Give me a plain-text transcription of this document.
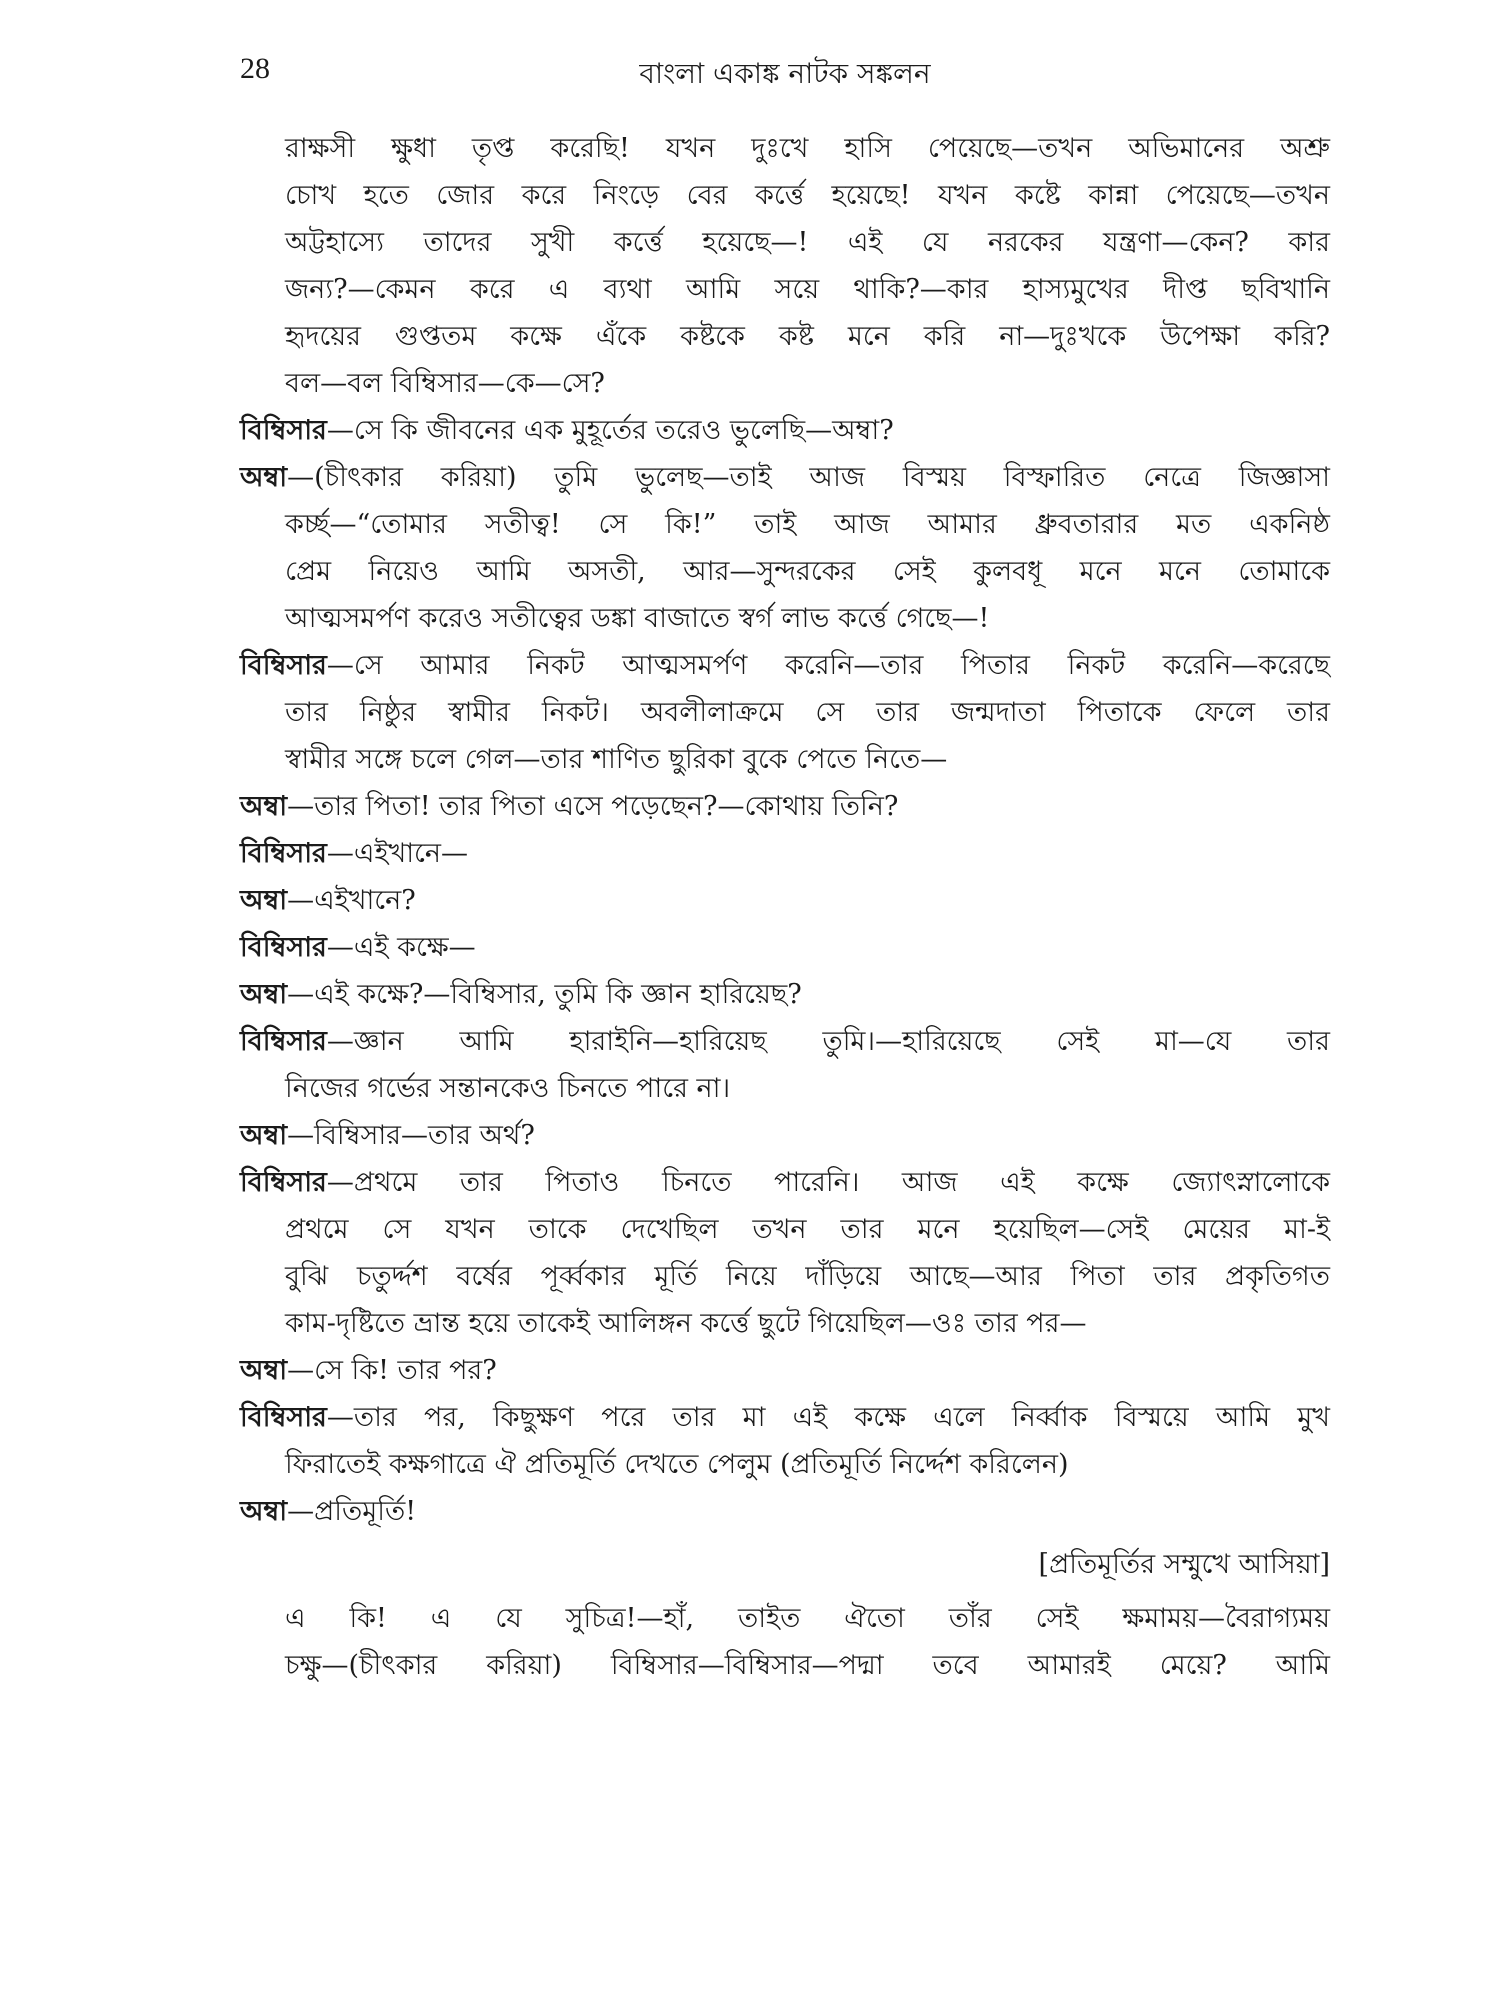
28	বাংলা একাঙ্ক নাটক সঙ্কলন
রাক্ষসী ক্ষুধা তৃপ্ত করেছি! যখন দুঃখে হাসি পেয়েছে—তখন অভিমানের অশ্রু
চোখ হতে জোর করে নিংড়ে বের কর্ত্তে হয়েছে! যখন কষ্টে কান্না পেয়েছে—তখন
অট্টহাস্যে তাদের সুখী কর্ত্তে হয়েছে—! এই যে নরকের যন্ত্রণা—কেন? কার
জন্য?—কেমন করে এ ব্যথা আমি সয়ে থাকি?—কার হাস্যমুখের দীপ্ত ছবিখানি
হৃদয়ের গুপ্ততম কক্ষে এঁকে কষ্টকে কষ্ট মনে করি না—দুঃখকে উপেক্ষা করি?
বল—বল বিম্বিসার—কে—সে?
বিম্বিসার—সে কি জীবনের এক মুহূর্তের তরেও ভুলেছি—অম্বা?
অম্বা—(চীৎকার করিয়া) তুমি ভুলেছ—তাই আজ বিস্ময় বিস্ফারিত নেত্রে জিজ্ঞাসা
কর্চ্ছ—“তোমার সতীত্ব! সে কি!” তাই আজ আমার ধ্রুবতারার মত একনিষ্ঠ
প্রেম নিয়েও আমি অসতী, আর—সুন্দরকের সেই কুলবধূ মনে মনে তোমাকে
আত্মসমর্পণ করেও সতীত্বের ডঙ্কা বাজাতে স্বর্গ লাভ কর্ত্তে গেছে—!
বিম্বিসার—সে আমার নিকট আত্মসমর্পণ করেনি—তার পিতার নিকট করেনি—করেছে
তার নিষ্ঠুর স্বামীর নিকট। অবলীলাক্রমে সে তার জন্মদাতা পিতাকে ফেলে তার
স্বামীর সঙ্গে চলে গেল—তার শাণিত ছুরিকা বুকে পেতে নিতে—
অম্বা—তার পিতা! তার পিতা এসে পড়েছেন?—কোথায় তিনি?
বিম্বিসার—এইখানে—
অম্বা—এইখানে?
বিম্বিসার—এই কক্ষে—
অম্বা—এই কক্ষে?—বিম্বিসার, তুমি কি জ্ঞান হারিয়েছ?
বিম্বিসার—জ্ঞান আমি হারাইনি—হারিয়েছ তুমি।—হারিয়েছে সেই মা—যে তার
নিজের গর্ভের সন্তানকেও চিনতে পারে না।
অম্বা—বিম্বিসার—তার অর্থ?
বিম্বিসার—প্রথমে তার পিতাও চিনতে পারেনি। আজ এই কক্ষে জ্যোৎস্নালোকে
প্রথমে সে যখন তাকে দেখেছিল তখন তার মনে হয়েছিল—সেই মেয়ের মা-ই
বুঝি চতুর্দ্দশ বর্ষের পূর্ব্বকার মূর্তি নিয়ে দাঁড়িয়ে আছে—আর পিতা তার প্রকৃতিগত
কাম-দৃষ্টিতে ভ্রান্ত হয়ে তাকেই আলিঙ্গন কর্ত্তে ছুটে গিয়েছিল—ওঃ তার পর—
অম্বা—সে কি! তার পর?
বিম্বিসার—তার পর, কিছুক্ষণ পরে তার মা এই কক্ষে এলে নির্ব্বাক বিস্ময়ে আমি মুখ
ফিরাতেই কক্ষগাত্রে ঐ প্রতিমূর্তি দেখতে পেলুম (প্রতিমূর্তি নির্দ্দেশ করিলেন)
অম্বা—প্রতিমূর্তি!
[প্রতিমূর্তির সম্মুখে আসিয়া]
এ কি! এ যে সুচিত্র!—হাঁ, তাইত ঐতো তাঁর সেই ক্ষমাময়—বৈরাগ্যময়
চক্ষু—(চীৎকার করিয়া) বিম্বিসার—বিম্বিসার—পদ্মা তবে আমারই মেয়ে? আমি
